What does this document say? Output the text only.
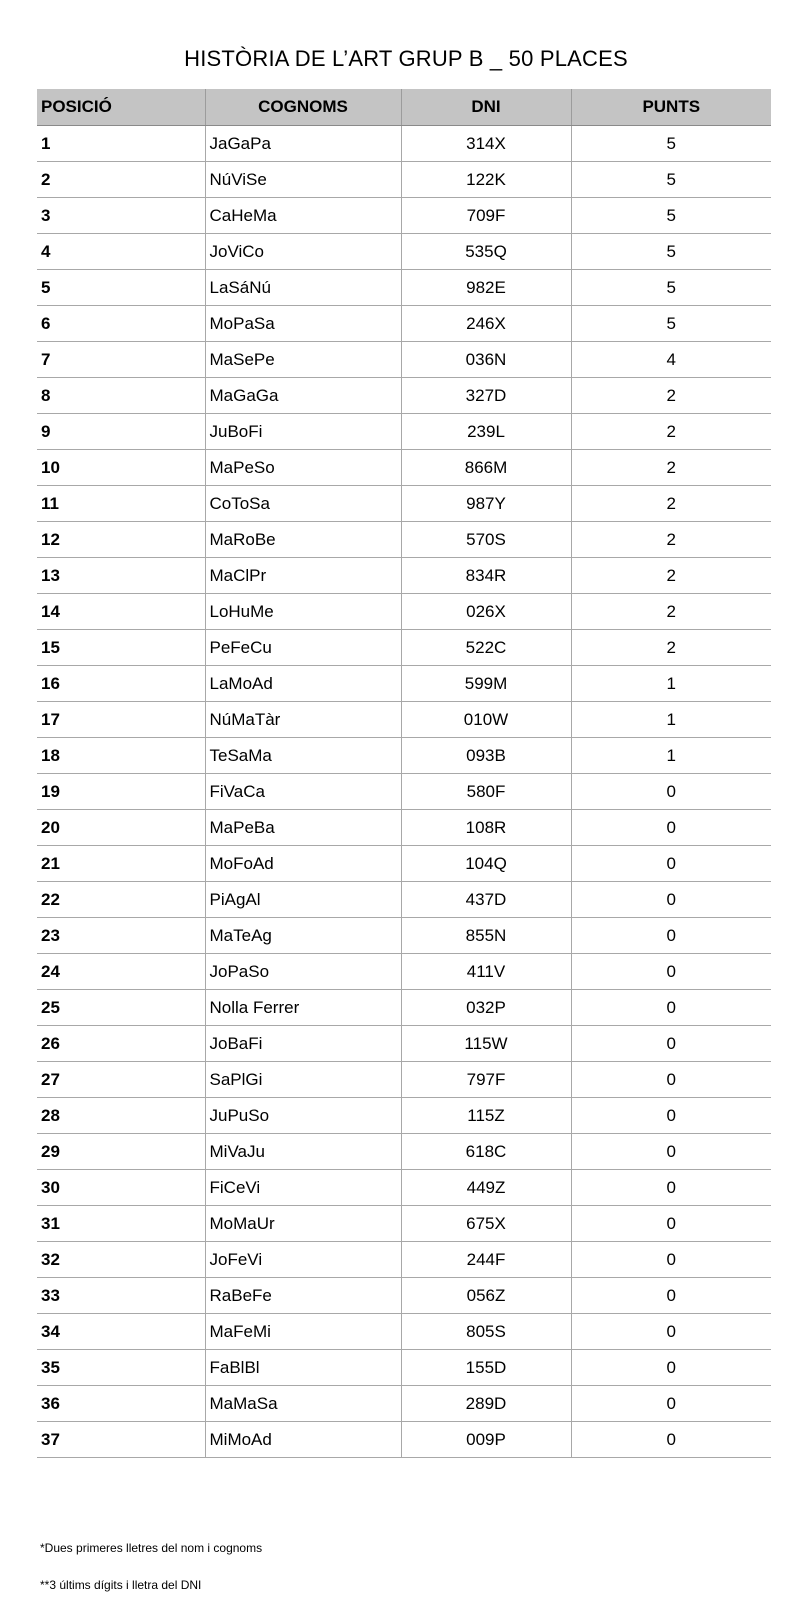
HISTÒRIA DE L’ART GRUP B _ 50 PLACES
POSICIÓ	COGNOMS	DNI	PUNTS
1	JaGaPa	314X	5
2	NúViSe	122K	5
3	CaHeMa	709F	5
4	JoViCo	535Q	5
5	LaSáNú	982E	5
6	MoPaSa	246X	5
7	MaSePe	036N	4
8	MaGaGa	327D	2
9	JuBoFi	239L	2
10	MaPeSo	866M	2
11	CoToSa	987Y	2
12	MaRoBe	570S	2
13	MaClPr	834R	2
14	LoHuMe	026X	2
15	PeFeCu	522C	2
16	LaMoAd	599M	1
17	NúMaTàr	010W	1
18	TeSaMa	093B	1
19	FiVaCa	580F	0
20	MaPeBa	108R	0
21	MoFoAd	104Q	0
22	PiAgAl	437D	0
23	MaTeAg	855N	0
24	JoPaSo	411V	0
25	Nolla Ferrer	032P	0
26	JoBaFi	115W	0
27	SaPlGi	797F	0
28	JuPuSo	115Z	0
29	MiVaJu	618C	0
30	FiCeVi	449Z	0
31	MoMaUr	675X	0
32	JoFeVi	244F	0
33	RaBeFe	056Z	0
34	MaFeMi	805S	0
35	FaBlBl	155D	0
36	MaMaSa	289D	0
37	MiMoAd	009P	0
*Dues primeres lletres del nom i cognoms
**3 últims dígits i lletra del DNI
